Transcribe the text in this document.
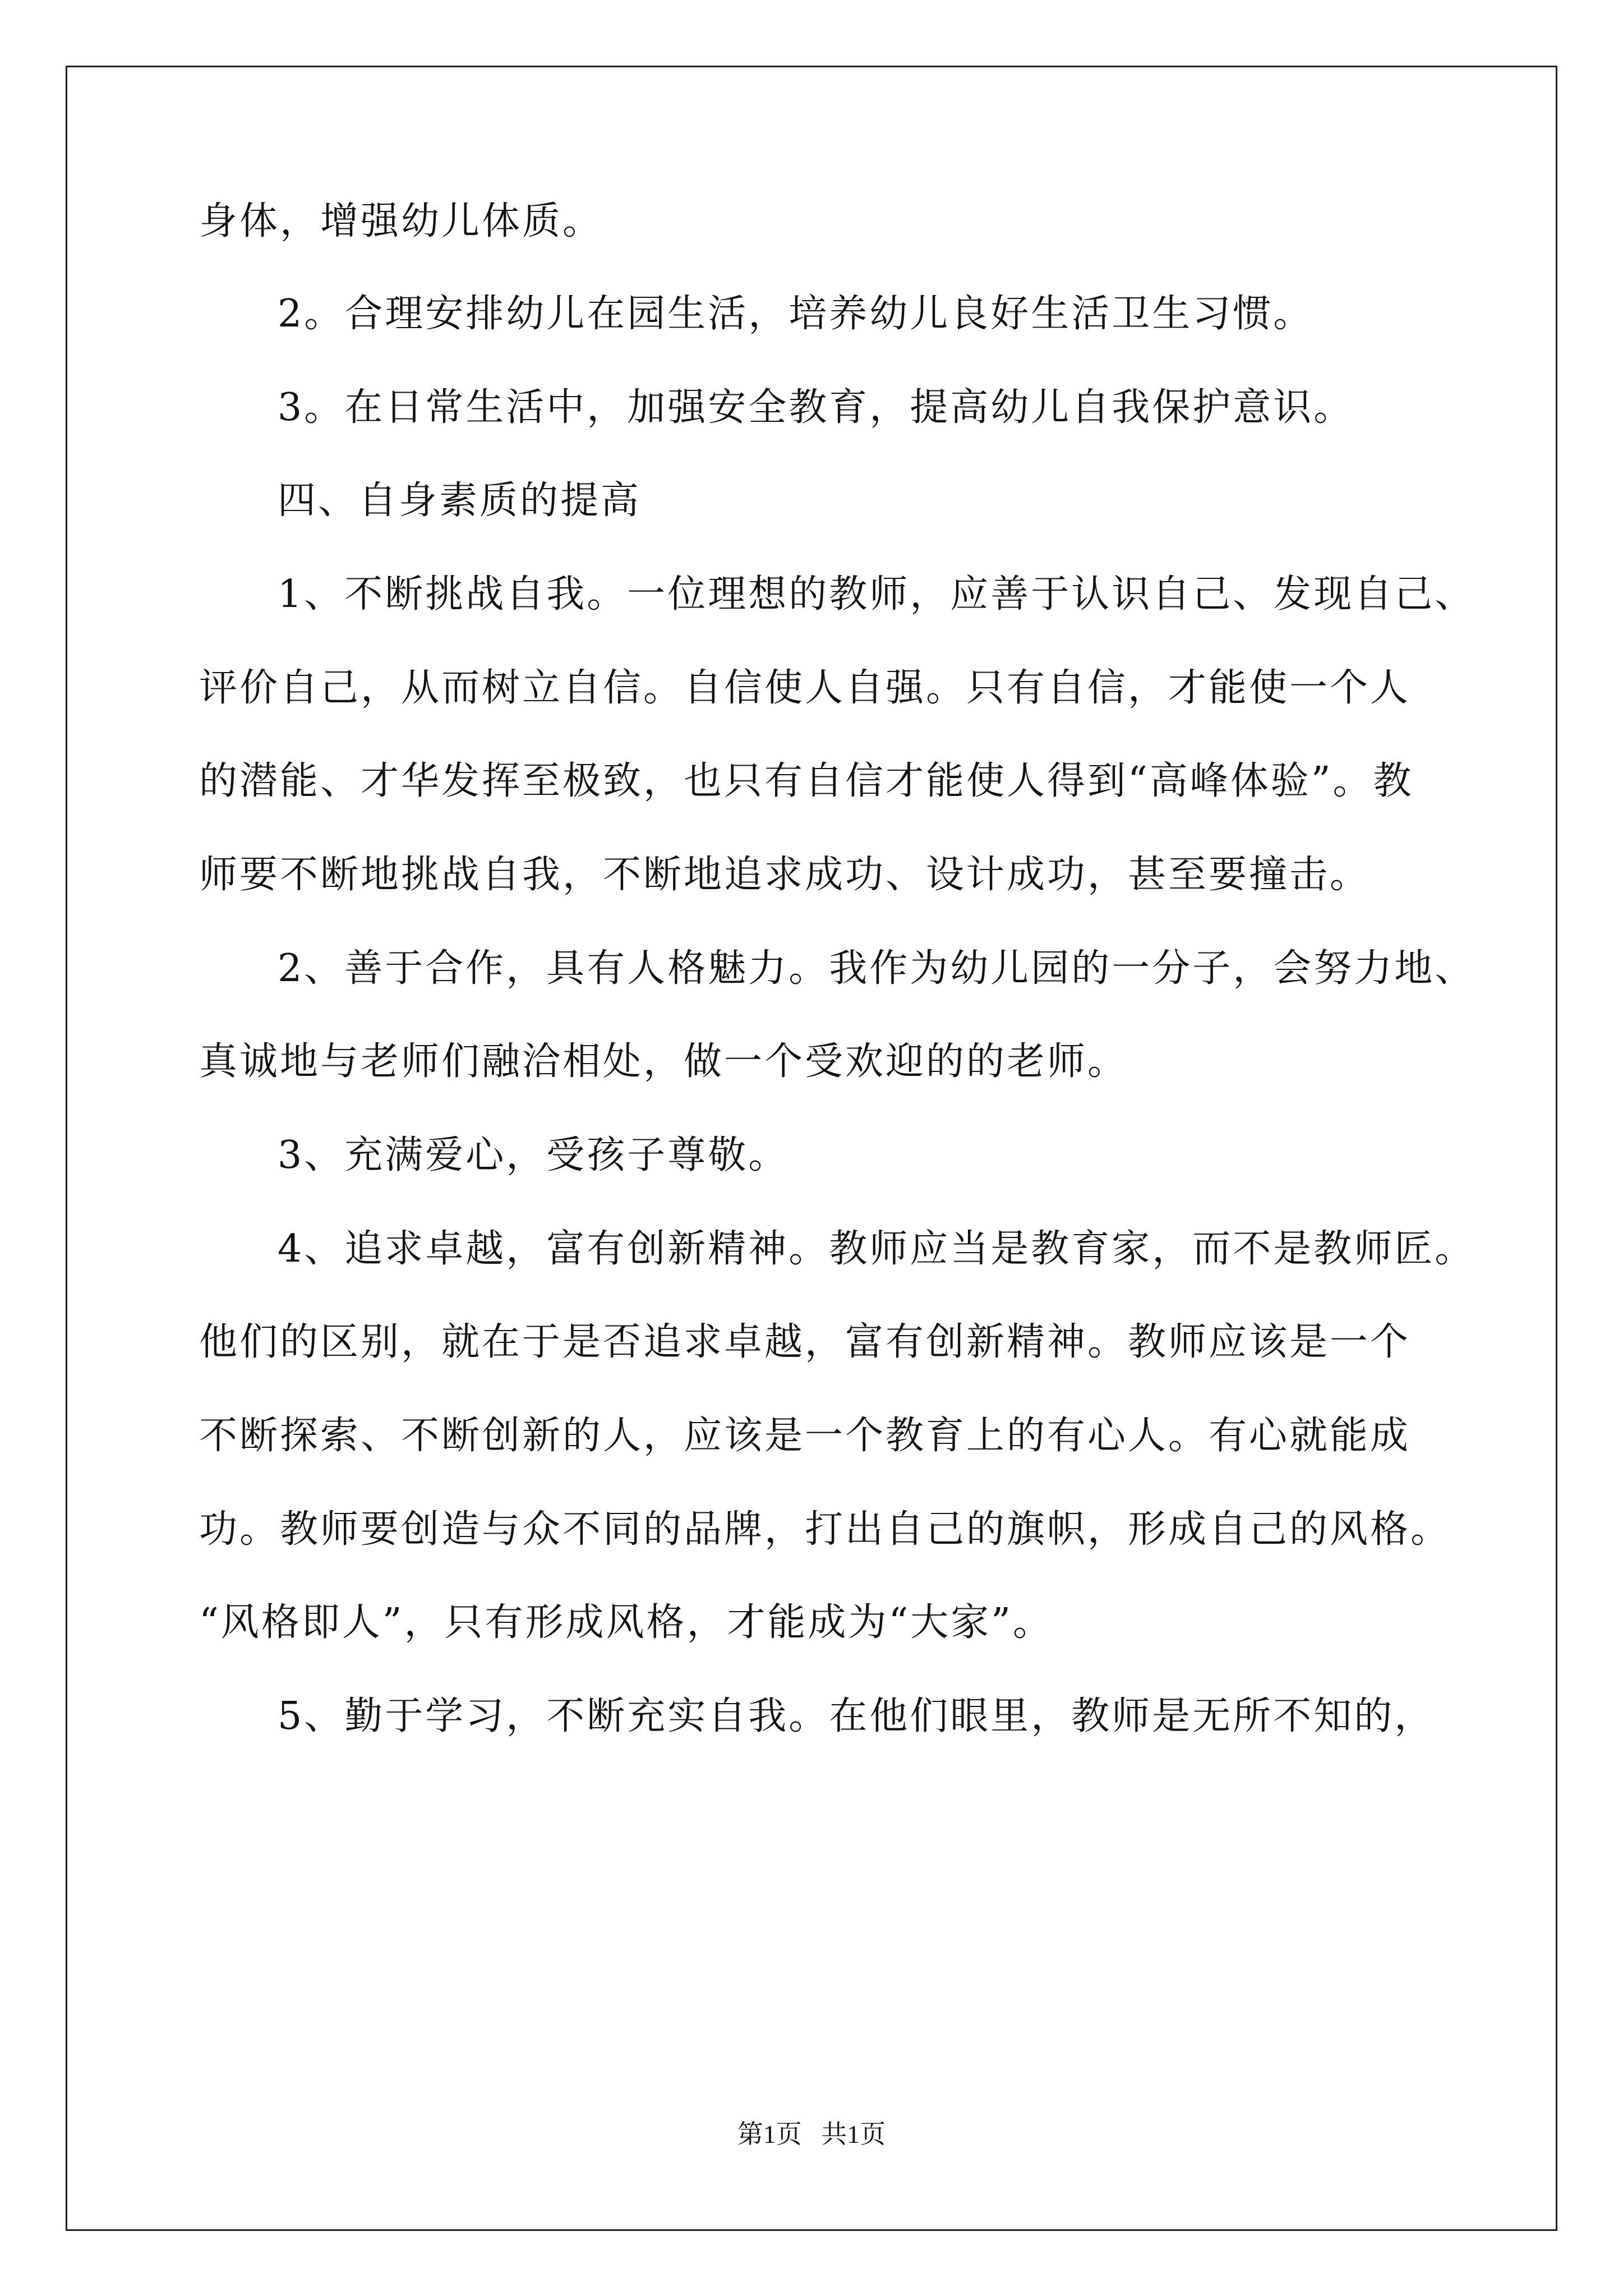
身体，增强幼儿体质。
2。合理安排幼儿在园生活，培养幼儿良好生活卫生习惯。
3。在日常生活中，加强安全教育，提高幼儿自我保护意识。
四、自身素质的提高
1、不断挑战自我。一位理想的教师，应善于认识自己、发现自己、
评价自己，从而树立自信。自信使人自强。只有自信，才能使一个人
的潜能、才华发挥至极致，也只有自信才能使人得到“高峰体验”。教
师要不断地挑战自我，不断地追求成功、设计成功，甚至要撞击。
2、善于合作，具有人格魅力。我作为幼儿园的一分子，会努力地、
真诚地与老师们融洽相处，做一个受欢迎的的老师。
3、充满爱心，受孩子尊敬。
4、追求卓越，富有创新精神。教师应当是教育家，而不是教师匠。
他们的区别，就在于是否追求卓越，富有创新精神。教师应该是一个
不断探索、不断创新的人，应该是一个教育上的有心人。有心就能成
功。教师要创造与众不同的品牌，打出自己的旗帜，形成自己的风格。
“风格即人”，只有形成风格，才能成为“大家”。
5、勤于学习，不断充实自我。在他们眼里，教师是无所不知的，
第1页   共1页
